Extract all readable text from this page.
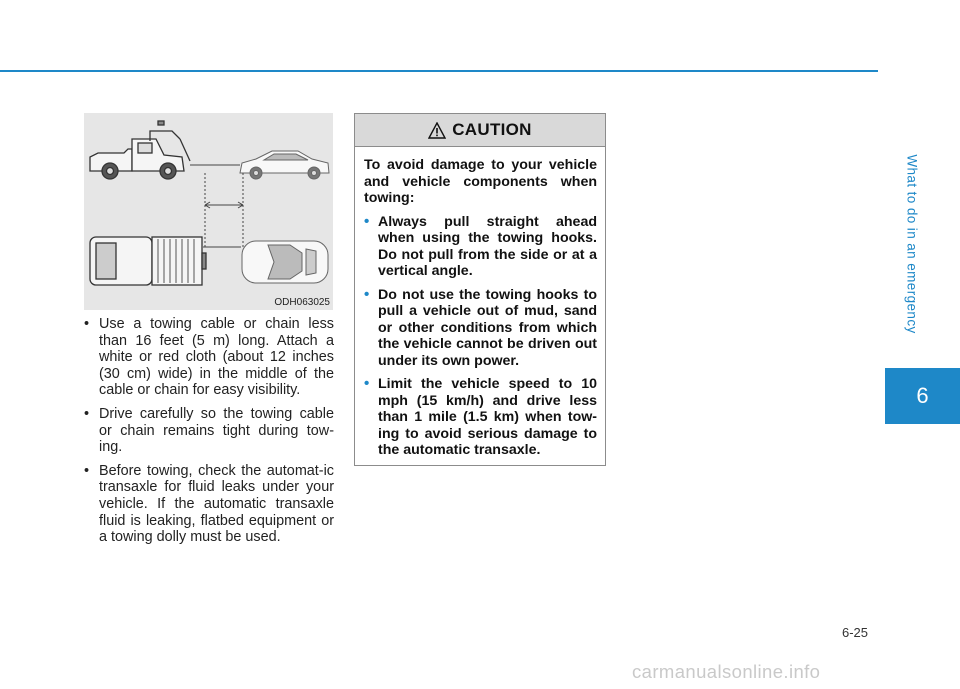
ODH063025
• Use a towing cable or chain less than 16 feet (5 m) long. Attach a white or red cloth (about 12 inches (30 cm) wide) in the middle of the cable or chain for easy visibility.
• Drive carefully so the towing cable or chain remains tight during tow-ing.
• Before towing, check the automat-ic transaxle for fluid leaks under your vehicle. If the automatic transaxle fluid is leaking, flatbed equipment or a towing dolly must be used.
CAUTION

To avoid damage to your vehicle and vehicle components when towing:

• Always pull straight ahead when using the towing hooks. Do not pull from the side or at a vertical angle.
• Do not use the towing hooks to pull a vehicle out of mud, sand or other conditions from which the vehicle cannot be driven out under its own power.
• Limit the vehicle speed to 10 mph (15 km/h) and drive less than 1 mile (1.5 km) when tow-ing to avoid serious damage to the automatic transaxle.
What to do in an emergency
6
6-25
carmanualsonline.info
